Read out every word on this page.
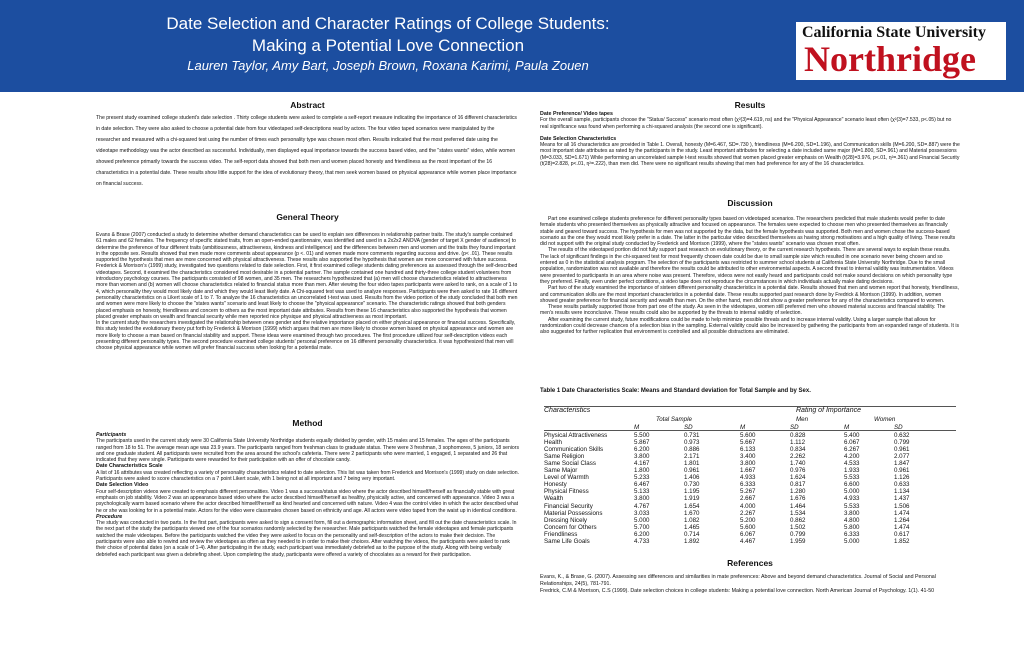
Date Selection and Character Ratings of College Students:
Making a Potential Love Connection
Lauren Taylor, Amy Bart, Joseph Brown, Roxana Karimi, Paula Zouen
California State University
Northridge
Abstract

The present study examined college student's date selection . Thirty college students were asked to complete a self-report measure indicating the importance of 16 different characteristics in date selection. They were also asked to choose a potential date from four videotaped self-descriptions read by actors. The four video taped scenarios were manipulated by the researcher and measured with a chi-squared test using the number of times each personality type was chosen most often. Results indicated that the most preferred date using the videotape methodology was the actor described as successful. Individually, men displayed equal importance towards the success based video, and the "states wants" video, while women showed preference primarily towards the success video. The self-report data showed that both men and women placed honesty and friendliness as the most important of the 16 characteristics in a potential date. These results show little support for the idea of evolutionary theory, that men seek women based on physical appearance while women place importance on financial success.

General Theory

Evans & Brase (2007) conducted a study to determine whether demand characteristics can be used to explain sex differences in relationship partner traits. The study's sample contained 61 males and 62 females. The frequency of specific stated traits, from an open-ended questionnaire, was identified and used in a 2x2x2 ANOVA (gender of target X gender of audience) to determine the preference of four different traits (ambitiousness, attractiveness, kindness and intelligence) and the differences between men and women and the traits they found important in the opposite sex. Results showed that men made more comments about appearance (p <. 01) and women made more comments regarding success and drive. (p< .01). These results supported the hypothesis that men are more concerned with physical attractiveness. These results also supported the hypothesis that women are more concerned with future success.

Frederick & Morrison's (1999) study, investigated two questions related to date selection. First, it first examined college students dating preferences as assessed through the self-described videotapes. Second, it examined the characteristics considered most desirable in a potential partner. The sample contained one hundred and thirty-three college student volunteers from introductory psychology courses. The participants consisted of 98 women, and 35 men. The researchers hypothesized that (a) men will choose characteristics related to attractiveness more than women and (b) women will choose characteristics related to financial status more than men. After viewing the four video tapes participants were asked to rank, on a scale of 1 to 4, which personality they would most likely date and which they would least likely date. A Chi-squared test was used to analyze responses. Participants were then asked to rate 16 different personality characteristics on a Likert scale of 1 to 7. To analyze the 16 characteristics an uncorrelated t-test was used. Results from the video portion of the study concluded that both men and women were more likely to choose the "states wants" scenario and least likely to choose the "physical appearance" scenario. The characteristic ratings showed that both genders placed emphasis on honesty, friendliness and concern to others as the most important date attributes. Results from these 16 characteristics also supported the hypothesis that women placed greater emphasis on wealth and financial security while men reported nice physique and physical attractiveness as most important.

In the current study the researchers investigated the relationship between ones gender and the relative importance placed on either physical appearance or financial success. Specifically, this study tested the evolutionary theory put forth by Frederick & Morrison (1999) which argues that men are more likely to choose women based on physical appearance and women are more likely to choose a man based on financial stability and support. These ideas were examined through two procedures. The first procedure utilized four self-description videos each presenting different personality types. The second procedure examined college students' personal preference on 16 different personality characteristics. It was hypothesized that men will choose physical appearance while women will prefer financial success when looking for a potential mate.

Method

Participants

The participants used in the current study were 30 California State University Northridge students equally divided by gender, with 15 males and 15 females. The ages of the participants ranged from 18 to 51. The average mean age was 23.9 years. The participants ranged from freshman class to graduate status. There were 3 freshman, 3 sophomores, 5 juniors, 18 seniors and one graduate student. All participants were recruited from the area around the school's cafeteria. There were 2 participants who were married, 1 engaged, 1 separated and 26 that indicated that they were single. Participants were rewarded for their participation with an offer of chocolate candy.

Date Characteristics Scale

A list of 16 attributes was created reflecting a variety of personality characteristics related to date selection. This list was taken from Frederick and Morrison's (1999) study on date selection. Participants were asked to score characteristics on a 7 point Likert scale, with 1 being not at all important and 7 being very important.

Date Selection Video

Four self-description videos were created to emphasis different personalities. Video 1 was a success/status video where the actor described himself/herself as financially stable with great emphasis on job stability. Video 2 was an appearance based video where the actor described himself/herself as healthy, physically active, and concerned with appearance. Video 3 was a psychologically warm based scenario where the actor described himself/herself as kind hearted and concerned with nature. Video 4 was the control video in which the actor described what he or she was looking for in a potential mate. Actors for the video were classmates chosen based on ethnicity and age. All actors were video taped from the waist up in identical conditions.

Procedure

The study was conducted in two parts. In the first part, participants were asked to sign a consent form, fill out a demographic information sheet, and fill out the date characteristics scale. In the next part of the study the participants viewed one of the four scenarios randomly selected by the researcher. Male participants watched the female videotapes and female participants watched the male videotapes. Before the participants watched the video they were asked to focus on the personality and self-description of the actors to make their decision. The participants were also able to rewind and review the videotapes as often as they needed to in order to make their choices. After watching the videos, the participants were asked to rank their choice of potential dates (on a scale of 1-4). After participating in the study, each participant was immediately debriefed as to the purpose of the study. Along with being verbally debriefed each participant was given a debriefing sheet. Upon completing the study, participants were offered a variety of chocolates as a reward for their participation.

Results

Date Preference/ Video tapes

For the overall sample, participants choose the "Status/ Success" scenario most often (χ²(3)=4.619, ns) and the "Physical Appearance" scenario least often (χ²(3)=7.533, p<.05) but no real significance was found when performing a chi-squared analysis (the second one is significant).

Date Selection Characteristics

Means for all 16 characteristics are provided in Table 1. Overall, honesty (M=6.467, SD=.730 ), friendliness (M=6.200, SD=1.196), and Communication skills (M=6.200, SD=.887) were the most important date attributes as rated by the participants in the study. Least important attributes for selecting a date included same major (M=1.800, SD=.961) and Material possessions (M=3.033, SD=1.671) While performing an uncorrelated sample t-test results showed that women placed greater emphasis on Wealth (t(28)=3.976, p<.01, η²=.361) and Financial Security (t(28)=2.828, p<.01, η²=.222), than men did. There were no significant results showing that men had preference for any of the 16 characteristics.

Discussion

Part one examined college students preference for different personality types based on videotaped scenarios. The researchers predicted that male students would prefer to date female students who presented themselves as physically attractive and focused on appearance. The females were expected to choose men who presented themselves as financially stable and geared toward success. The hypothesis for men was not supported by the data, but the female hypothesis was supported. Both men and women chose the success-based scenario as the one they would most likely prefer in a date. The latter in the particular video described themselves as having strong motivations and a high quality of living. These results did not support with the original study conducted by Frederick and Morrison (1999), where the "states wants" scenario was chosen most often.

The results of the videotaped portion did not fully support past research on evolutionary theory, or the current research hypothesis. There are several ways to explain these results. The lack of significant findings in the chi-squared test for most frequently chosen date could be due to small sample size which resulted in one scenario never being chosen and so entered as 0 in the statistical analysis program. The selection of the participants was restricted to summer school students at California State University Northridge. Due to the small population, randomization was not available and therefore the results could be attributed to other environmental aspects. A second threat to internal validity was instrumentation. Videos were presented to participants in an area where noise was present. Therefore, videos were not easily heard and participants could not make sound decisions on which personality type they preferred. Finally, even under perfect conditions, a video tape does not reproduce the circumstances in which individuals actually make dating decisions.

Part two of the study examined the importance of sixteen different personality characteristics in a potential date. Results showed that men and women report that honesty, friendliness, and communication skills are the most important characteristics in a potential date. These results supported past research done by Fredrick & Morrison (1999). In addition, women showed greater preference for financial security and wealth than men. On the other hand, men did not show a greater preference for any of the characteristics compared to women.

These results partially supported those from part one of the study. As seen in the videotapes, women still preferred men who showed material success and financial stability. The men's results were inconclusive. These results could also be supported by the threats to internal validity of selection.

After examining the current study, future modifications could be made to help minimize possible threats and to increase internal validity. Using a larger sample that allows for randomization could decrease chances of a selection bias in the sampling. External validity could also be increased by gathering the participants from an expanded range of students. It is also suggested for further replication that environment is controlled and all possible distractions are eliminated.

Table 1 Date Characteristics Scale: Means and Standard deviation for Total Sample and by Sex.

Characteristics	Rating of Importance
Total Sample	Men	Women
M	SD	M	SD	M	SD
Physical Attractiveness	5.500	0.731	5.600	0.828	5.400	0.632
Health	5.867	0.973	5.667	1.112	6.067	0.799
Communication Skills	6.200	0.886	6.133	0.834	6.267	0.961
Same Religion	3.800	2.171	3.400	2.262	4.200	2.077
Same Social Class	4.167	1.801	3.800	1.740	4.533	1.847
Same Major	1.800	0.961	1.667	0.976	1.933	0.961
Level of Warmth	5.233	1.406	4.933	1.624	5.533	1.126
Honesty	6.467	0.730	6.333	0.817	6.600	0.633
Physical Fitness	5.133	1.195	5.267	1.280	5.000	1.134
Wealth	3.800	1.919	2.667	1.676	4.933	1.437
Financial Security	4.767	1.654	4.000	1.464	5.533	1.506
Material Possessions	3.033	1.670	2.267	1.534	3.800	1.474
Dressing Nicely	5.000	1.082	5.200	0.862	4.800	1.264
Concern for Others	5.700	1.465	5.600	1.502	5.800	1.474
Friendliness	6.200	0.714	6.067	0.799	6.333	0.617
Same Life Goals	4.733	1.892	4.467	1.959	5.000	1.852
References

Evans, K., & Brase, G. (2007). Assessing sex differences and similarities in mate preferences: Above and beyond demand characteristics. Journal of Social and Personal Relationships, 24(5), 781-791.

Fredrick, C.M & Morrison, C.S (1999). Date selection choices in college students: Making a potential love connection. North American Journal of Psychology. 1(1). 41-50
